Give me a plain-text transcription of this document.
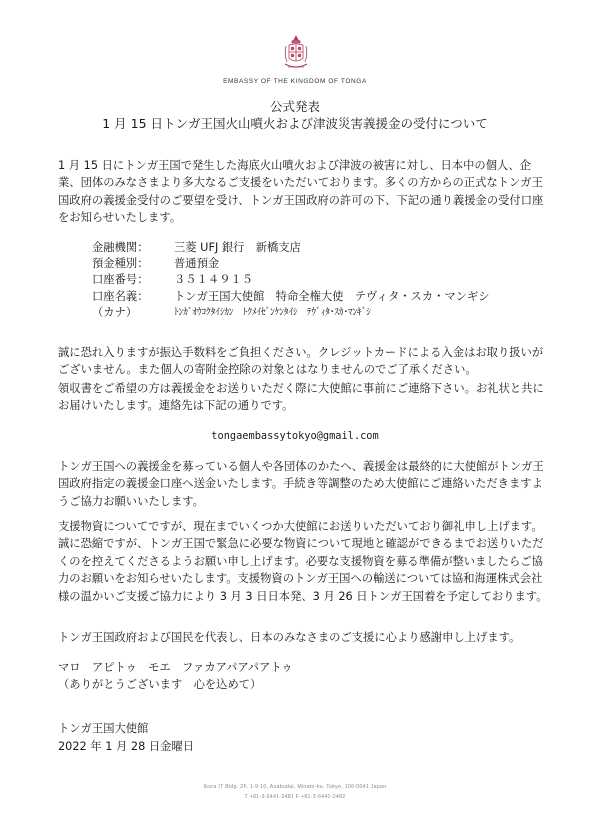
EMBASSY OF THE KINGDOM OF TONGA
公式発表
1 月 15 日トンガ王国火山噴火および津波災害義援金の受付について

1 月 15 日にトンガ王国で発生した海底火山噴火および津波の被害に対し、日本中の個人、企業、団体のみなさまより多大なるご支援をいただいております。多くの方からの正式なトンガ王国政府の義援金受付のご要望を受け、トンガ王国政府の許可の下、下記の通り義援金の受付口座をお知らせいたします。

金融機関：	三菱 UFJ 銀行　新橋支店
預金種別：	普通預金
口座番号：	３５１４９１５
口座名義：	トンガ王国大使館　特命全権大使　テヴィタ・スカ・マンギシ
（カナ）	ﾄﾝｶﾞｵｳｺｸﾀｲｼｶﾝ　ﾄｸﾒｲｾﾞﾝｹﾝﾀｲｼ　ﾃｳﾞｨﾀ･ｽｶ･ﾏﾝｷﾞｼ

誠に恐れ入りますが振込手数料をご負担ください。クレジットカードによる入金はお取り扱いがございません。また個人の寄附金控除の対象とはなりませんのでご了承ください。

領収書をご希望の方は義援金をお送りいただく際に大使館に事前にご連絡下さい。お礼状と共にお届けいたします。連絡先は下記の通りです。

tongaembassytokyo@gmail.com

トンガ王国への義援金を募っている個人や各団体のかたへ、義援金は最終的に大使館がトンガ王国政府指定の義援金口座へ送金いたします。手続き等調整のため大使館にご連絡いただきますようご協力お願いいたします。

支援物資についてですが、現在までいくつか大使館にお送りいただいており御礼申し上げます。誠に恐縮ですが、トンガ王国で緊急に必要な物資について現地と確認ができるまでお送りいただくのを控えてくださるようお願い申し上げます。必要な支援物資を募る準備が整いましたらご協力のお願いをお知らせいたします。支援物資のトンガ王国への輸送については協和海運株式会社様の温かいご支援ご協力により 3 月 3 日日本発、3 月 26 日トンガ王国着を予定しております。

トンガ王国政府および国民を代表し、日本のみなさまのご支援に心より感謝申し上げます。
マロ　アピトゥ　モエ　ファカアパアパアトゥ
（ありがとうございます　心を込めて）
トンガ王国大使館
2022 年 1 月 28 日金曜日
Ikura IT Bldg. 2F, 1-9-10, Azabudai, Minato-ku, Tokyo, 106-0041 Japan
T +81-3-6441-2481 F +81-3-6441-2482
